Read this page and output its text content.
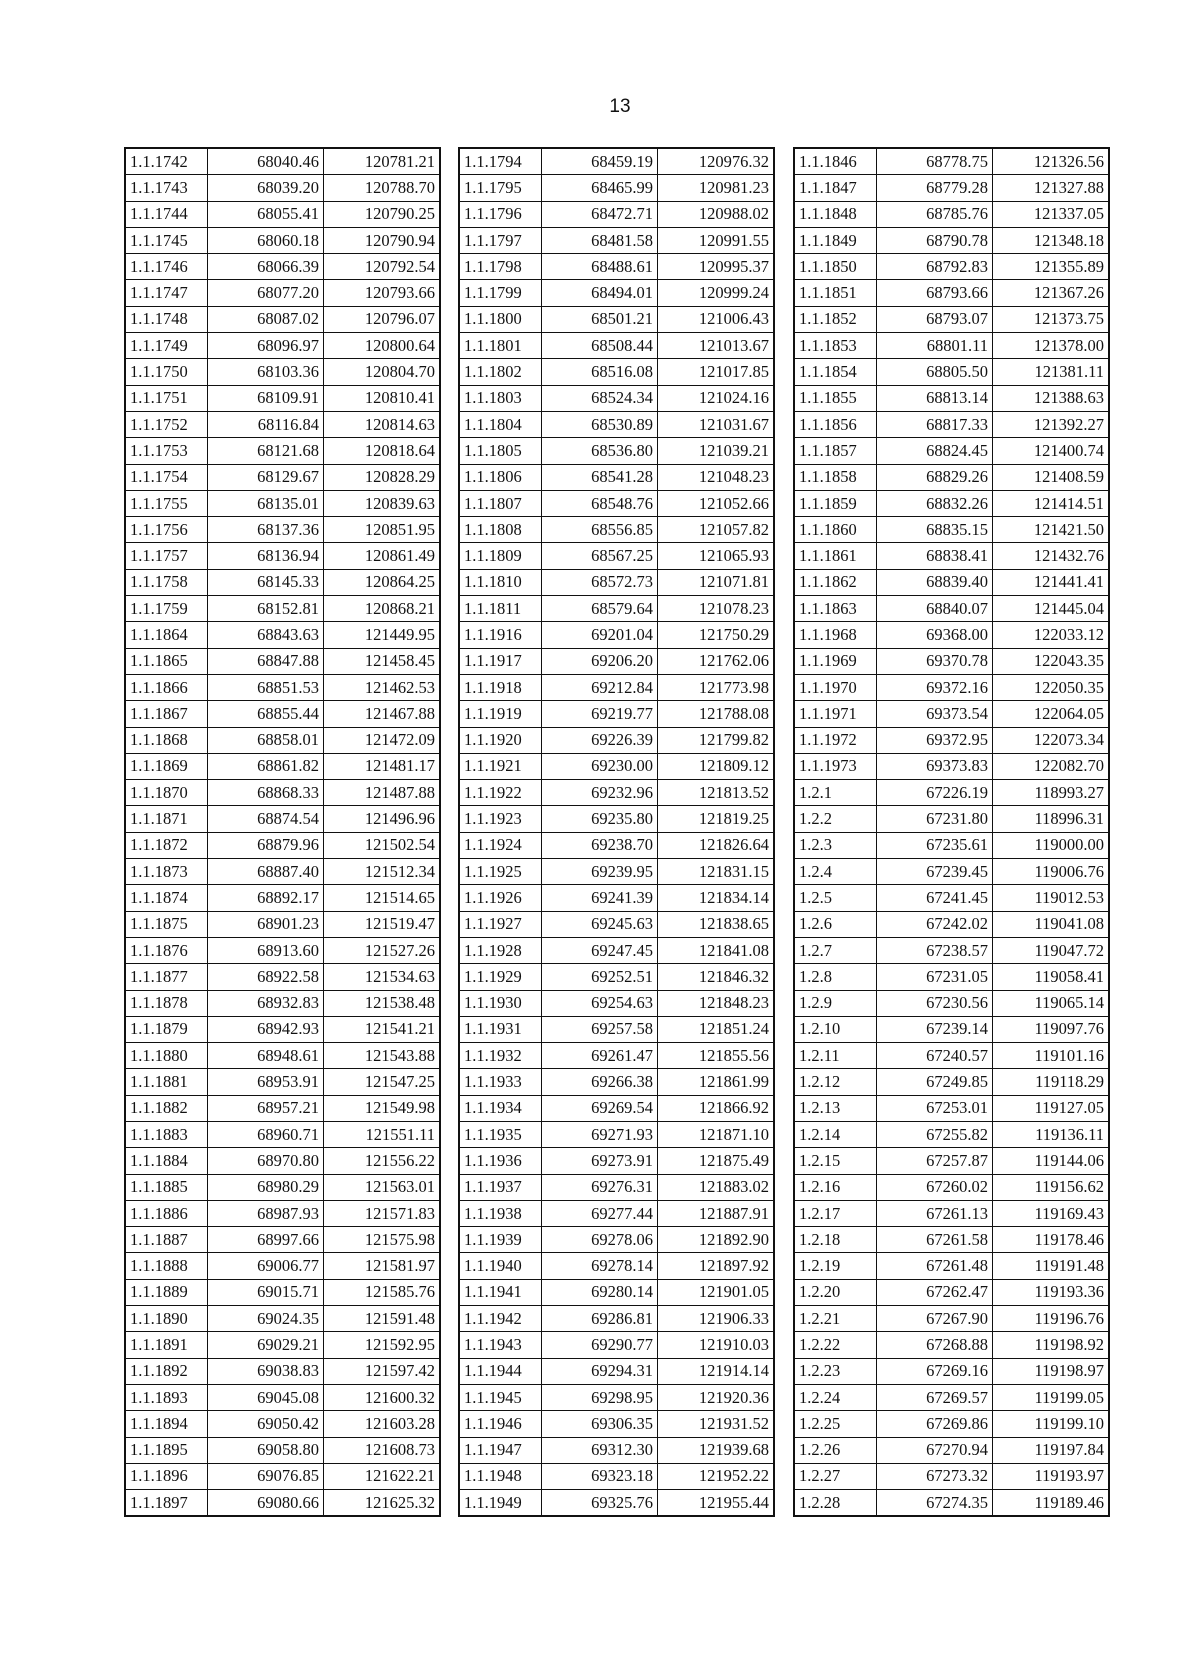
13
1.1.1742	68040.46	120781.21
1.1.1743	68039.20	120788.70
1.1.1744	68055.41	120790.25
1.1.1745	68060.18	120790.94
1.1.1746	68066.39	120792.54
1.1.1747	68077.20	120793.66
1.1.1748	68087.02	120796.07
1.1.1749	68096.97	120800.64
1.1.1750	68103.36	120804.70
1.1.1751	68109.91	120810.41
1.1.1752	68116.84	120814.63
1.1.1753	68121.68	120818.64
1.1.1754	68129.67	120828.29
1.1.1755	68135.01	120839.63
1.1.1756	68137.36	120851.95
1.1.1757	68136.94	120861.49
1.1.1758	68145.33	120864.25
1.1.1759	68152.81	120868.21
1.1.1864	68843.63	121449.95
1.1.1865	68847.88	121458.45
1.1.1866	68851.53	121462.53
1.1.1867	68855.44	121467.88
1.1.1868	68858.01	121472.09
1.1.1869	68861.82	121481.17
1.1.1870	68868.33	121487.88
1.1.1871	68874.54	121496.96
1.1.1872	68879.96	121502.54
1.1.1873	68887.40	121512.34
1.1.1874	68892.17	121514.65
1.1.1875	68901.23	121519.47
1.1.1876	68913.60	121527.26
1.1.1877	68922.58	121534.63
1.1.1878	68932.83	121538.48
1.1.1879	68942.93	121541.21
1.1.1880	68948.61	121543.88
1.1.1881	68953.91	121547.25
1.1.1882	68957.21	121549.98
1.1.1883	68960.71	121551.11
1.1.1884	68970.80	121556.22
1.1.1885	68980.29	121563.01
1.1.1886	68987.93	121571.83
1.1.1887	68997.66	121575.98
1.1.1888	69006.77	121581.97
1.1.1889	69015.71	121585.76
1.1.1890	69024.35	121591.48
1.1.1891	69029.21	121592.95
1.1.1892	69038.83	121597.42
1.1.1893	69045.08	121600.32
1.1.1894	69050.42	121603.28
1.1.1895	69058.80	121608.73
1.1.1896	69076.85	121622.21
1.1.1897	69080.66	121625.32
1.1.1794	68459.19	120976.32
1.1.1795	68465.99	120981.23
1.1.1796	68472.71	120988.02
1.1.1797	68481.58	120991.55
1.1.1798	68488.61	120995.37
1.1.1799	68494.01	120999.24
1.1.1800	68501.21	121006.43
1.1.1801	68508.44	121013.67
1.1.1802	68516.08	121017.85
1.1.1803	68524.34	121024.16
1.1.1804	68530.89	121031.67
1.1.1805	68536.80	121039.21
1.1.1806	68541.28	121048.23
1.1.1807	68548.76	121052.66
1.1.1808	68556.85	121057.82
1.1.1809	68567.25	121065.93
1.1.1810	68572.73	121071.81
1.1.1811	68579.64	121078.23
1.1.1916	69201.04	121750.29
1.1.1917	69206.20	121762.06
1.1.1918	69212.84	121773.98
1.1.1919	69219.77	121788.08
1.1.1920	69226.39	121799.82
1.1.1921	69230.00	121809.12
1.1.1922	69232.96	121813.52
1.1.1923	69235.80	121819.25
1.1.1924	69238.70	121826.64
1.1.1925	69239.95	121831.15
1.1.1926	69241.39	121834.14
1.1.1927	69245.63	121838.65
1.1.1928	69247.45	121841.08
1.1.1929	69252.51	121846.32
1.1.1930	69254.63	121848.23
1.1.1931	69257.58	121851.24
1.1.1932	69261.47	121855.56
1.1.1933	69266.38	121861.99
1.1.1934	69269.54	121866.92
1.1.1935	69271.93	121871.10
1.1.1936	69273.91	121875.49
1.1.1937	69276.31	121883.02
1.1.1938	69277.44	121887.91
1.1.1939	69278.06	121892.90
1.1.1940	69278.14	121897.92
1.1.1941	69280.14	121901.05
1.1.1942	69286.81	121906.33
1.1.1943	69290.77	121910.03
1.1.1944	69294.31	121914.14
1.1.1945	69298.95	121920.36
1.1.1946	69306.35	121931.52
1.1.1947	69312.30	121939.68
1.1.1948	69323.18	121952.22
1.1.1949	69325.76	121955.44
1.1.1846	68778.75	121326.56
1.1.1847	68779.28	121327.88
1.1.1848	68785.76	121337.05
1.1.1849	68790.78	121348.18
1.1.1850	68792.83	121355.89
1.1.1851	68793.66	121367.26
1.1.1852	68793.07	121373.75
1.1.1853	68801.11	121378.00
1.1.1854	68805.50	121381.11
1.1.1855	68813.14	121388.63
1.1.1856	68817.33	121392.27
1.1.1857	68824.45	121400.74
1.1.1858	68829.26	121408.59
1.1.1859	68832.26	121414.51
1.1.1860	68835.15	121421.50
1.1.1861	68838.41	121432.76
1.1.1862	68839.40	121441.41
1.1.1863	68840.07	121445.04
1.1.1968	69368.00	122033.12
1.1.1969	69370.78	122043.35
1.1.1970	69372.16	122050.35
1.1.1971	69373.54	122064.05
1.1.1972	69372.95	122073.34
1.1.1973	69373.83	122082.70
1.2.1	67226.19	118993.27
1.2.2	67231.80	118996.31
1.2.3	67235.61	119000.00
1.2.4	67239.45	119006.76
1.2.5	67241.45	119012.53
1.2.6	67242.02	119041.08
1.2.7	67238.57	119047.72
1.2.8	67231.05	119058.41
1.2.9	67230.56	119065.14
1.2.10	67239.14	119097.76
1.2.11	67240.57	119101.16
1.2.12	67249.85	119118.29
1.2.13	67253.01	119127.05
1.2.14	67255.82	119136.11
1.2.15	67257.87	119144.06
1.2.16	67260.02	119156.62
1.2.17	67261.13	119169.43
1.2.18	67261.58	119178.46
1.2.19	67261.48	119191.48
1.2.20	67262.47	119193.36
1.2.21	67267.90	119196.76
1.2.22	67268.88	119198.92
1.2.23	67269.16	119198.97
1.2.24	67269.57	119199.05
1.2.25	67269.86	119199.10
1.2.26	67270.94	119197.84
1.2.27	67273.32	119193.97
1.2.28	67274.35	119189.46
